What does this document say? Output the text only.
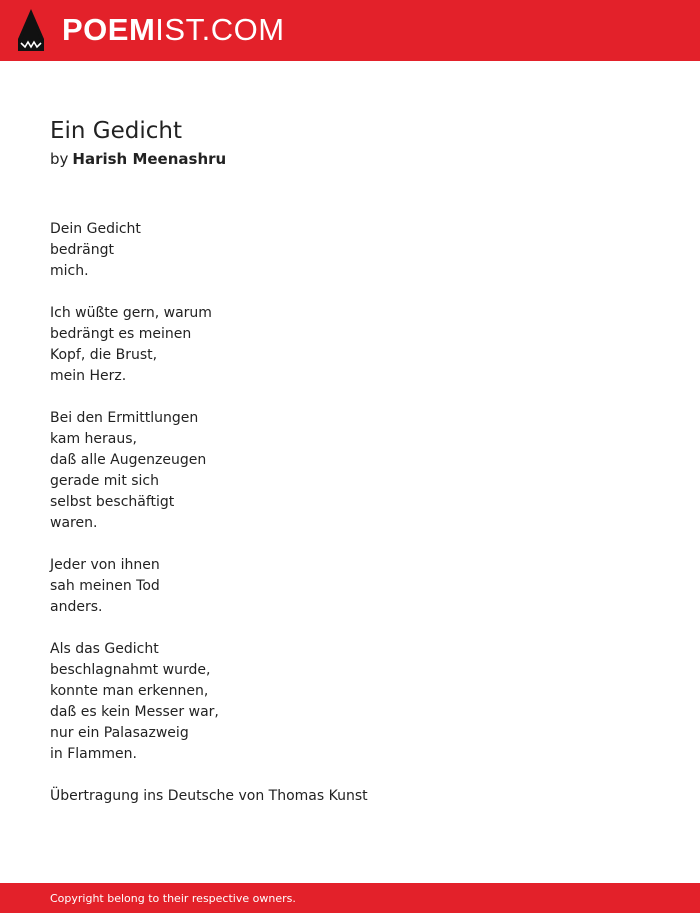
POEMIST.COM
Ein Gedicht
by Harish Meenashru
Dein Gedicht
bedrängt
mich.
Ich wüßte gern, warum
bedrängt es meinen
Kopf, die Brust,
mein Herz.
Bei den Ermittlungen
kam heraus,
daß alle Augenzeugen
gerade mit sich
selbst beschäftigt
waren.
Jeder von ihnen
sah meinen Tod
anders.
Als das Gedicht
beschlagnahmt wurde,
konnte man erkennen,
daß es kein Messer war,
nur ein Palasazweig
in Flammen.
Übertragung ins Deutsche von Thomas Kunst
Copyright belong to their respective owners.
